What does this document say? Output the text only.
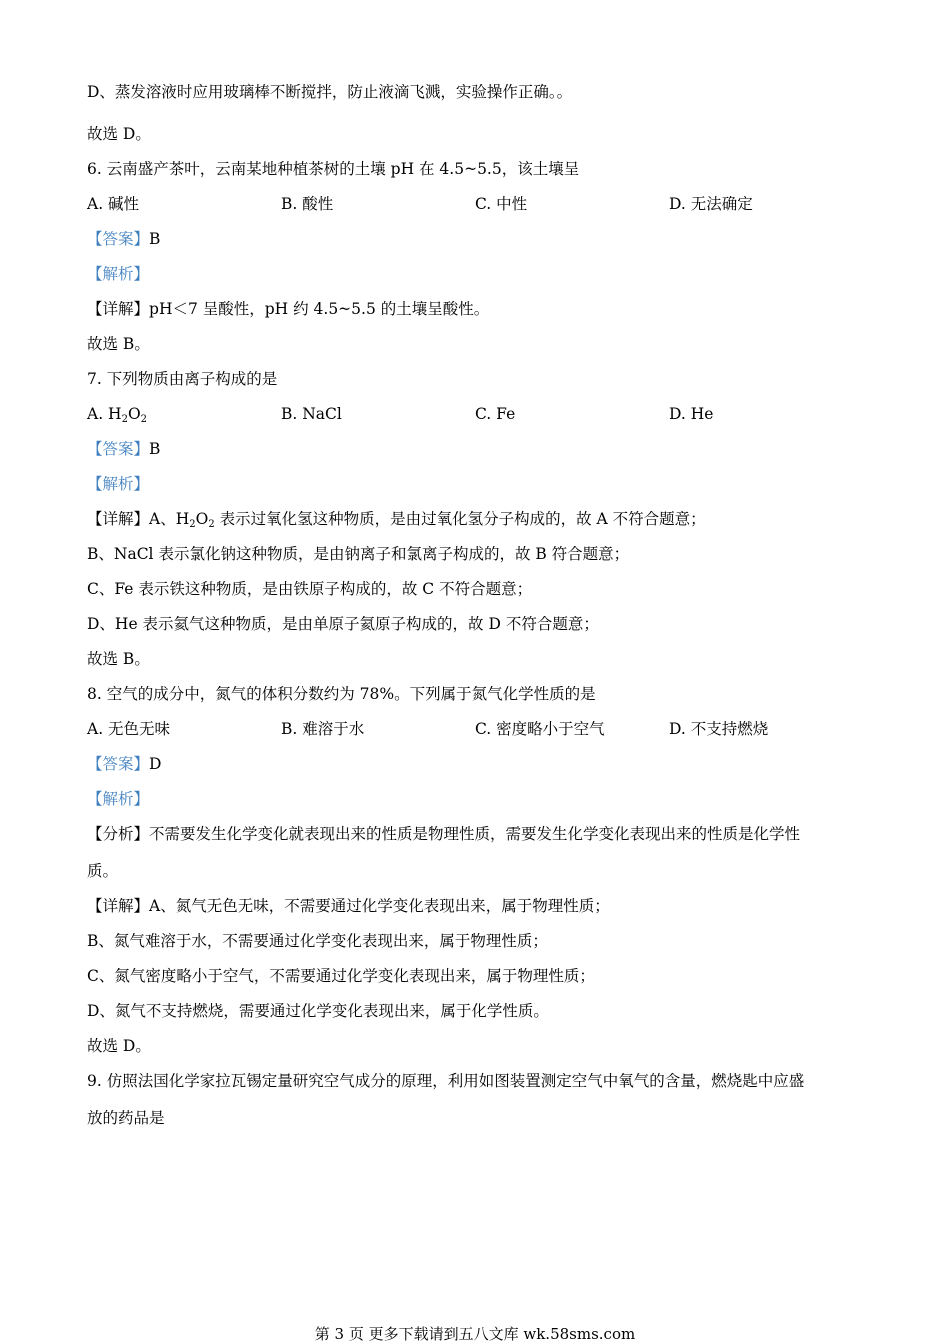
D、蒸发溶液时应用玻璃棒不断搅拌，防止液滴飞溅，实验操作正确。。
故选 D。
6. 云南盛产茶叶，云南某地种植茶树的土壤 pH 在 4.5~5.5，该土壤呈
A. 碱性	B. 酸性	C. 中性	D. 无法确定
【答案】B
【解析】
【详解】pH＜7 呈酸性，pH 约 4.5~5.5 的土壤呈酸性。
故选 B。
7. 下列物质由离子构成的是
A. $H_2O_2$	B. NaCl	C. Fe	D. He
【答案】B
【解析】
【详解】A、$H_2O_2$ 表示过氧化氢这种物质，是由过氧化氢分子构成的，故 A 不符合题意；
B、NaCl 表示氯化钠这种物质，是由钠离子和氯离子构成的，故 B 符合题意；
C、Fe 表示铁这种物质，是由铁原子构成的，故 C 不符合题意；
D、He 表示氦气这种物质，是由单原子氦原子构成的，故 D 不符合题意；
故选 B。
8. 空气的成分中，氮气的体积分数约为 78%。下列属于氮气化学性质的是
A. 无色无味	B. 难溶于水	C. 密度略小于空气	D. 不支持燃烧
【答案】D
【解析】
【分析】不需要发生化学变化就表现出来的性质是物理性质，需要发生化学变化表现出来的性质是化学性
质。
【详解】A、氮气无色无味，不需要通过化学变化表现出来，属于物理性质；
B、氮气难溶于水，不需要通过化学变化表现出来，属于物理性质；
C、氮气密度略小于空气，不需要通过化学变化表现出来，属于物理性质；
D、氮气不支持燃烧，需要通过化学变化表现出来，属于化学性质。
故选 D。
9. 仿照法国化学家拉瓦锡定量研究空气成分的原理，利用如图装置测定空气中氧气的含量，燃烧匙中应盛
放的药品是
第 3 页 更多下载请到五八文库 wk.58sms.com
